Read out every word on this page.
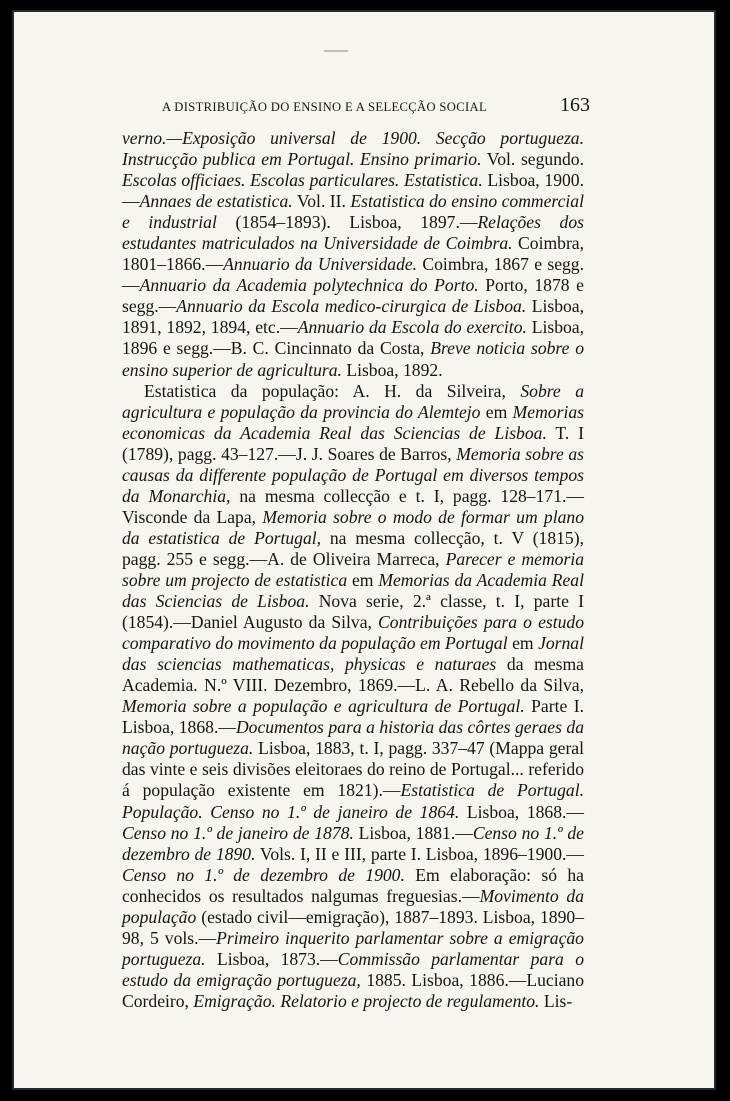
A DISTRIBUIÇÃO DO ENSINO E A SELECÇÃO SOCIAL	163

verno.—Exposição universal de 1900. Secção portugueza. Instrucção publica em Portugal. Ensino primario. Vol. segundo. Escolas officiaes. Escolas particulares. Estatistica. Lisboa, 1900.—Annaes de estatistica. Vol. II. Estatistica do ensino commercial e industrial (1854–1893). Lisboa, 1897.—Relações dos estudantes matriculados na Universidade de Coimbra. Coimbra, 1801–1866.—Annuario da Universidade. Coimbra, 1867 e segg.—Annuario da Academia polytechnica do Porto. Porto, 1878 e segg.—Annuario da Escola medico-cirurgica de Lisboa. Lisboa, 1891, 1892, 1894, etc.—Annuario da Escola do exercito. Lisboa, 1896 e segg.—B. C. Cincinnato da Costa, Breve noticia sobre o ensino superior de agricultura. Lisboa, 1892.

Estatistica da população: A. H. da Silveira, Sobre a agricultura e população da provincia do Alemtejo em Memorias economicas da Academia Real das Sciencias de Lisboa. T. I (1789), pagg. 43–127.—J. J. Soares de Barros, Memoria sobre as causas da differente população de Portugal em diversos tempos da Monarchia, na mesma collecção e t. I, pagg. 128–171.—Visconde da Lapa, Memoria sobre o modo de formar um plano da estatistica de Portugal, na mesma collecção, t. V (1815), pagg. 255 e segg.—A. de Oliveira Marreca, Parecer e memoria sobre um projecto de estatistica em Memorias da Academia Real das Sciencias de Lisboa. Nova serie, 2.ª classe, t. I, parte I (1854).—Daniel Augusto da Silva, Contribuições para o estudo comparativo do movimento da população em Portugal em Jornal das sciencias mathematicas, physicas e naturaes da mesma Academia. N.º VIII. Dezembro, 1869.—L. A. Rebello da Silva, Memoria sobre a população e agricultura de Portugal. Parte I. Lisboa, 1868.—Documentos para a historia das côrtes geraes da nação portugueza. Lisboa, 1883, t. I, pagg. 337–47 (Mappa geral das vinte e seis divisões eleitoraes do reino de Portugal... referido á população existente em 1821).—Estatistica de Portugal. População. Censo no 1.º de janeiro de 1864. Lisboa, 1868.—Censo no 1.º de janeiro de 1878. Lisboa, 1881.—Censo no 1.º de dezembro de 1890. Vols. I, II e III, parte I. Lisboa, 1896–1900.—Censo no 1.º de dezembro de 1900. Em elaboração: só ha conhecidos os resultados nalgumas freguesias.—Movimento da população (estado civil—emigração), 1887–1893. Lisboa, 1890–98, 5 vols.—Primeiro inquerito parlamentar sobre a emigração portugueza. Lisboa, 1873.—Commissão parlamentar para o estudo da emigração portugueza, 1885. Lisboa, 1886.—Luciano Cordeiro, Emigração. Relatorio e projecto de regulamento. Lis-
